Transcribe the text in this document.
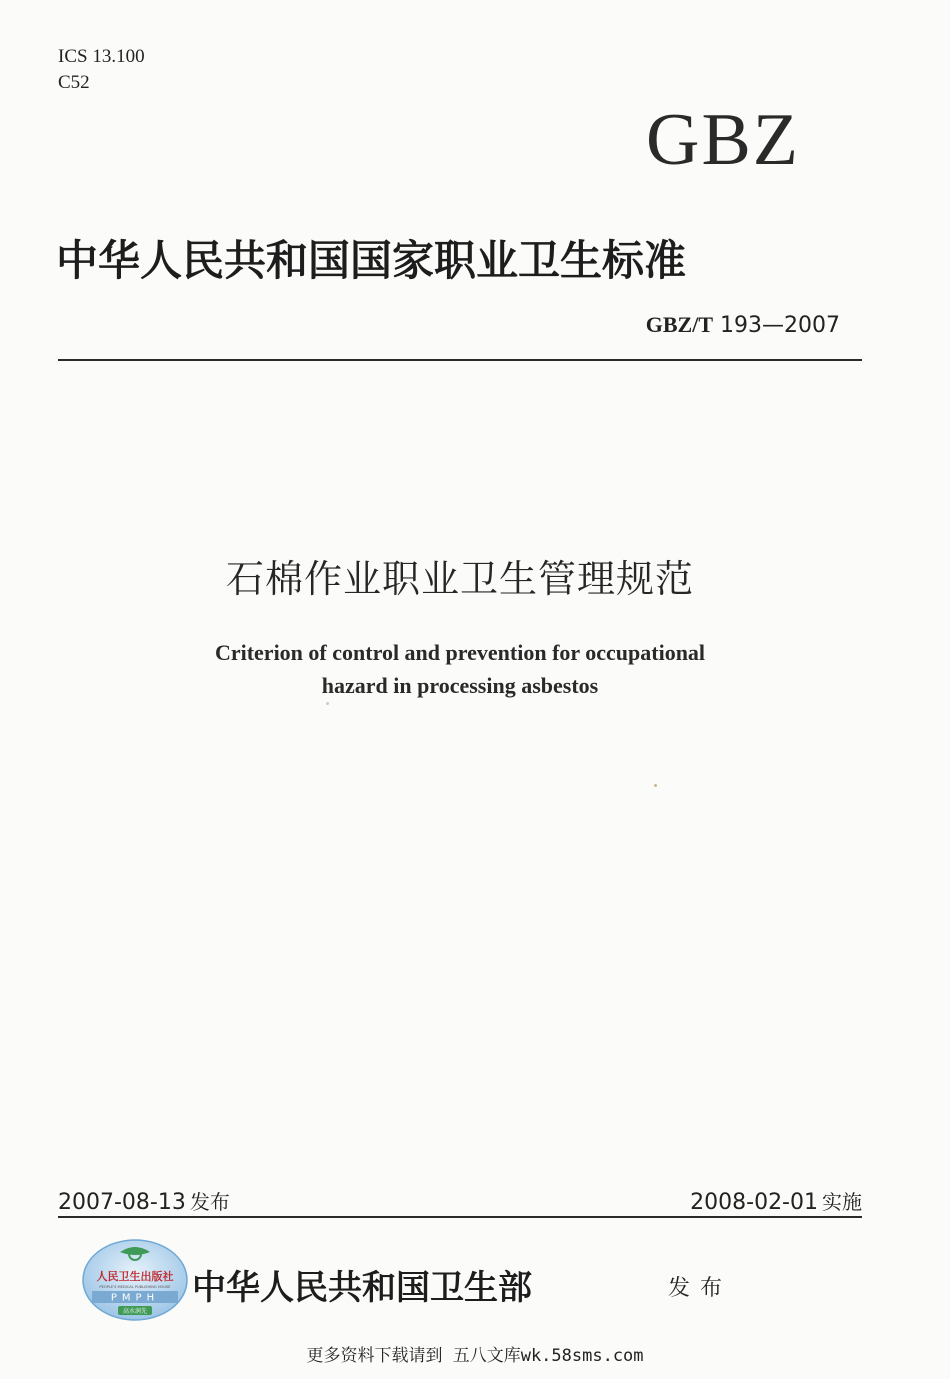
ICS 13.100
C52
GBZ
中华人民共和国国家职业卫生标准
GBZ/T 193—2007
石棉作业职业卫生管理规范
Criterion of control and prevention for occupational
hazard in processing asbestos
2007-08-13 发布	2008-02-01 实施
人民卫生出版社
PEOPLE'S MEDICAL PUBLISHING HOUSE
PMPH
高水润先
中华人民共和国卫生部	发布
更多资料下载请到 五八文库wk.58sms.com
